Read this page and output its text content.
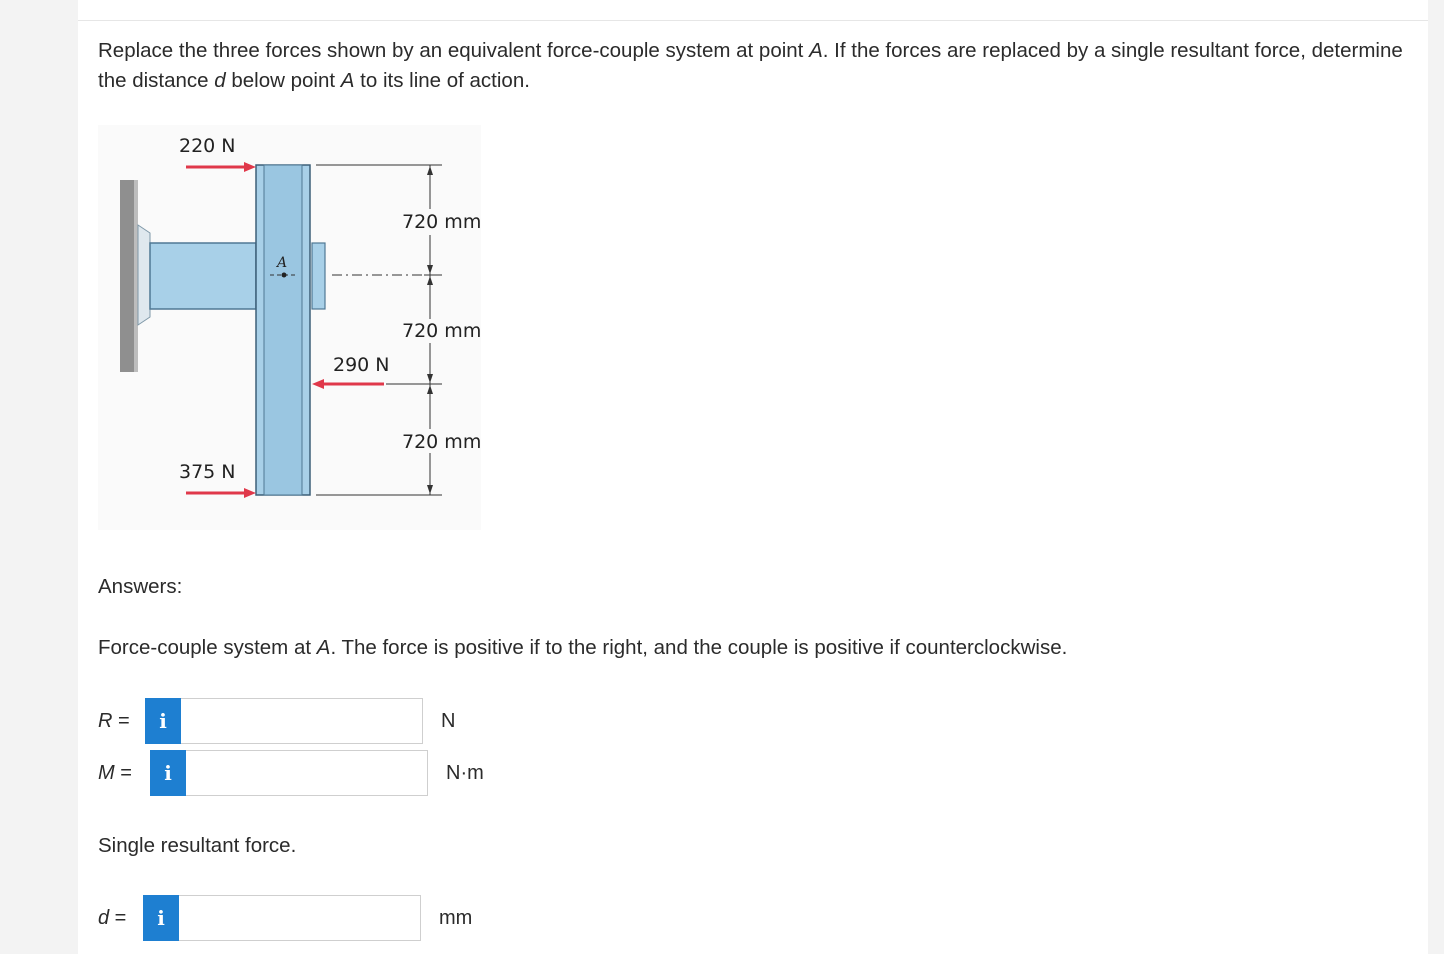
Replace the three forces shown by an equivalent force-couple system at point A. If the forces are replaced by a single resultant force, determine the distance d below point A to its line of action.
A
220 N
290 N
375 N
720 mm
720 mm
720 mm
Answers:
Force-couple system at A. The force is positive if to the right, and the couple is positive if counterclockwise.
R =	i	N
M =	i	N·m
Single resultant force.
d =	i	mm
